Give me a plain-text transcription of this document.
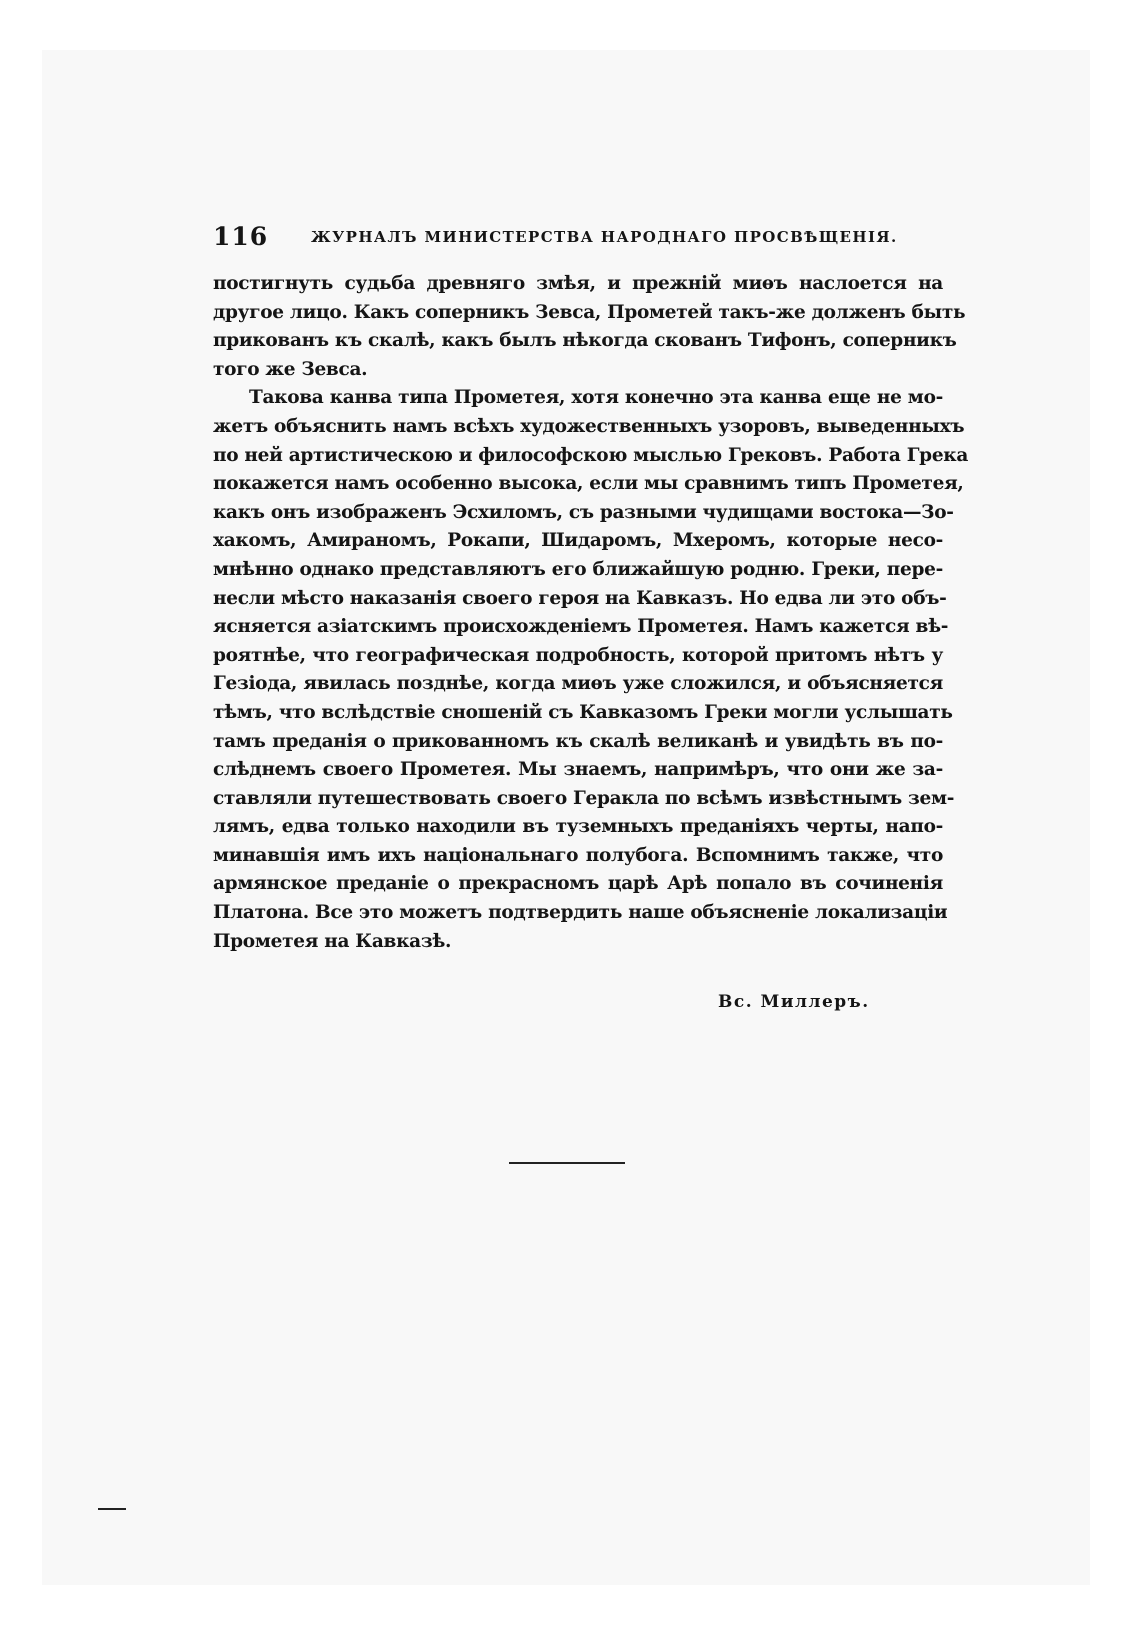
116	ЖУРНАЛЪ МИНИСТЕРСТВА НАРОДНАГО ПРОСВѢЩЕНІЯ.
постигнуть судьба древняго змѣя, и прежній миѳъ наслоется на
другое лицо. Какъ соперникъ Зевса, Прометей такъ-же долженъ быть
прикованъ къ скалѣ, какъ былъ нѣкогда скованъ Тифонъ, соперникъ
того же Зевса.
Такова канва типа Прометея, хотя конечно эта канва еще не мо-
жетъ объяснить намъ всѣхъ художественныхъ узоровъ, выведенныхъ
по ней артистическою и философскою мыслью Грековъ. Работа Грека
покажется намъ особенно высока, если мы сравнимъ типъ Прометея,
какъ онъ изображенъ Эсхиломъ, съ разными чудищами востока—Зо-
хакомъ, Амираномъ, Рокапи, Шидаромъ, Мхеромъ, которые несо-
мнѣнно однако представляютъ его ближайшую родню. Греки, пере-
несли мѣсто наказанія своего героя на Кавказъ. Но едва ли это объ-
ясняется азіатскимъ происхожденіемъ Прометея. Намъ кажется вѣ-
роятнѣе, что географическая подробность, которой притомъ нѣтъ у
Гезіода, явилась позднѣе, когда миѳъ уже сложился, и объясняется
тѣмъ, что вслѣдствіе сношеній съ Кавказомъ Греки могли услышать
тамъ преданія о прикованномъ къ скалѣ великанѣ и увидѣть въ по-
слѣднемъ своего Прометея. Мы знаемъ, напримѣръ, что они же за-
ставляли путешествовать своего Геракла по всѣмъ извѣстнымъ зем-
лямъ, едва только находили въ туземныхъ преданіяхъ черты, напо-
минавшія имъ ихъ національнаго полубога. Вспомнимъ также, что
армянское преданіе о прекрасномъ царѣ Арѣ попало въ сочиненія
Платона. Все это можетъ подтвердить наше объясненіе локализаціи
Прометея на Кавказѣ.
Вс. Миллеръ.
